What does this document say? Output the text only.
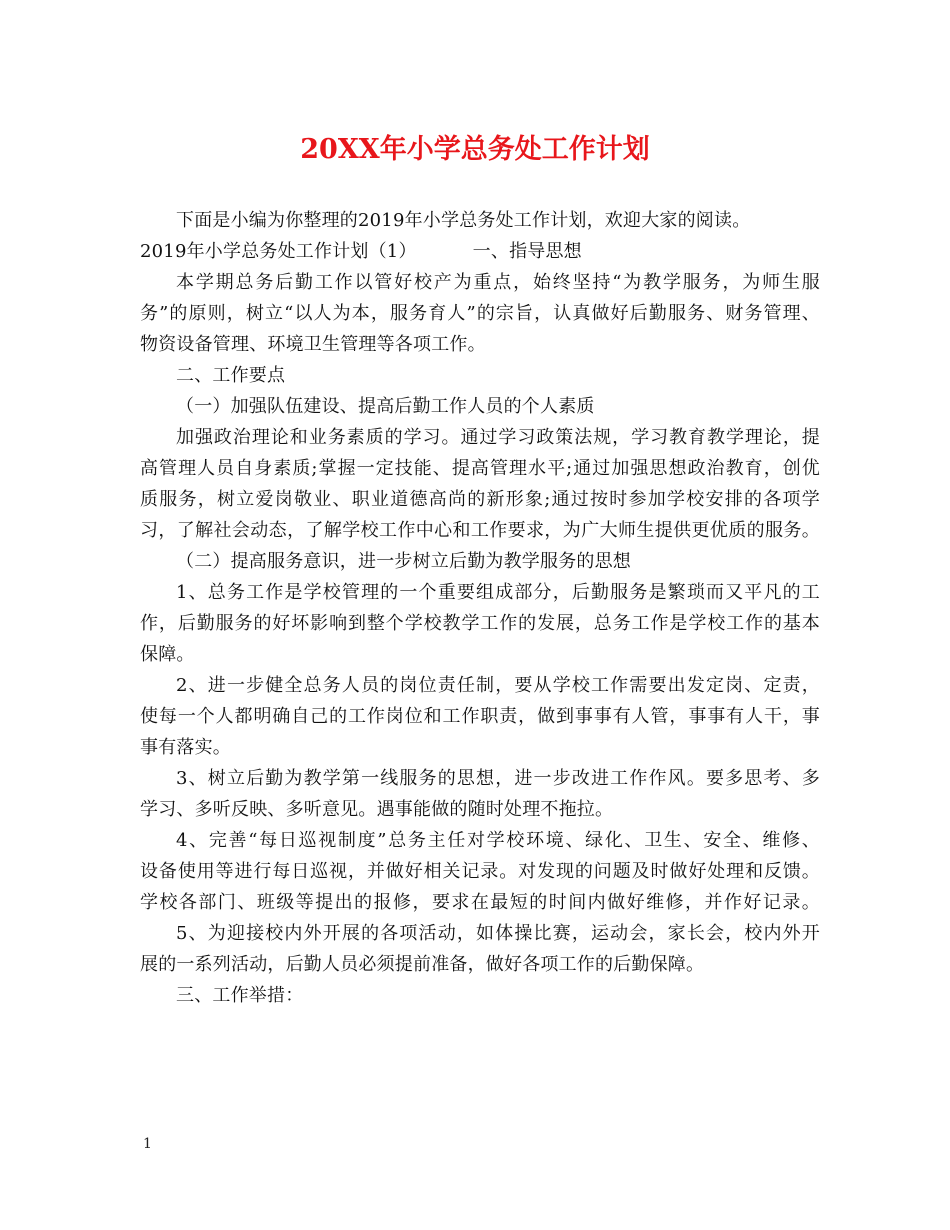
20XX年小学总务处工作计划

下面是小编为你整理的2019年小学总务处工作计划，欢迎大家的阅读。

2019年小学总务处工作计划（1）	一、指导思想

本学期总务后勤工作以管好校产为重点，始终坚持“为教学服务，为师生服

务”的原则，树立“以人为本，服务育人”的宗旨，认真做好后勤服务、财务管理、

物资设备管理、环境卫生管理等各项工作。

二、工作要点

（一）加强队伍建设、提高后勤工作人员的个人素质

加强政治理论和业务素质的学习。通过学习政策法规，学习教育教学理论，提

高管理人员自身素质;掌握一定技能、提高管理水平;通过加强思想政治教育，创优

质服务，树立爱岗敬业、职业道德高尚的新形象;通过按时参加学校安排的各项学

习，了解社会动态，了解学校工作中心和工作要求，为广大师生提供更优质的服务。

（二）提高服务意识，进一步树立后勤为教学服务的思想

1、总务工作是学校管理的一个重要组成部分，后勤服务是繁琐而又平凡的工

作，后勤服务的好坏影响到整个学校教学工作的发展，总务工作是学校工作的基本

保障。

2、进一步健全总务人员的岗位责任制，要从学校工作需要出发定岗、定责，

使每一个人都明确自己的工作岗位和工作职责，做到事事有人管，事事有人干，事

事有落实。

3、树立后勤为教学第一线服务的思想，进一步改进工作作风。要多思考、多

学习、多听反映、多听意见。遇事能做的随时处理不拖拉。

4、完善“每日巡视制度”总务主任对学校环境、绿化、卫生、安全、维修、

设备使用等进行每日巡视，并做好相关记录。对发现的问题及时做好处理和反馈。

学校各部门、班级等提出的报修，要求在最短的时间内做好维修，并作好记录。

5、为迎接校内外开展的各项活动，如体操比赛，运动会，家长会，校内外开

展的一系列活动，后勤人员必须提前准备，做好各项工作的后勤保障。

三、工作举措：

1
